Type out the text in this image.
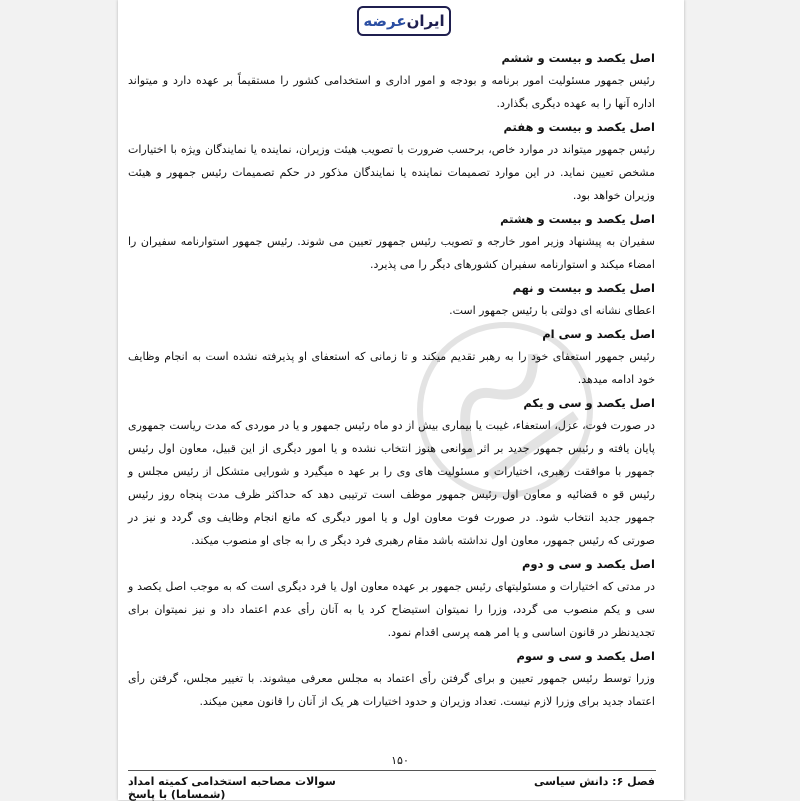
ایران
عرضه

اصل یکصد و بیست و ششم

رئیس جمهور مسئولیت امور برنامه و بودجه و امور اداری و استخدامی کشور را مستقیماً بر عهده دارد و میتواند اداره آنها را به عهده دیگری بگذارد.

اصل یکصد و بیست و هفتم

رئیس جمهور میتواند در موارد خاص، برحسب ضرورت با تصویب هیئت وزیران، نماینده یا نمایندگان ویژه با اختیارات مشخص تعیین نماید. در این موارد تصمیمات نماینده یا نمایندگان مذکور در حکم تصمیمات رئیس جمهور و هیئت وزیران خواهد بود.

اصل یکصد و بیست و هشتم

سفیران به پیشنهاد وزیر امور خارجه و تصویب رئیس جمهور تعیین می شوند. رئیس جمهور استوارنامه سفیران را امضاء میکند و استوارنامه سفیران کشورهای دیگر را می پذیرد.

اصل یکصد و بیست و نهم

اعطای نشانه ای دولتی با رئیس جمهور است.

اصل یکصد و سی ام

رئیس جمهور استعفای خود را به رهبر تقدیم میکند و تا زمانی که استعفای او پذیرفته نشده است به انجام وظایف خود ادامه میدهد.

اصل یکصد و سی و یکم

در صورت فوت، عزل، استعفاء، غیبت یا بیماری بیش از دو ماه رئیس جمهور و یا در موردی که مدت ریاست جمهوری پایان یافته و رئیس جمهور جدید بر اثر موانعی هنوز انتخاب نشده و یا امور دیگری از این قبیل، معاون اول رئیس جمهور با موافقت رهبری، اختیارات و مسئولیت های وی را بر عهد ه میگیرد و شورایی متشکل از رئیس مجلس و رئیس قو ه قضائیه و معاون اول رئیس جمهور موظف است ترتیبی دهد که حداکثر ظرف مدت پنجاه روز رئیس جمهور جدید انتخاب شود. در صورت فوت معاون اول و یا امور دیگری که مانع انجام وظایف وی گردد و نیز در صورتی که رئیس جمهور، معاون اول نداشته باشد مقام رهبری فرد دیگر ی را به جای او منصوب میکند.

اصل یکصد و سی و دوم

در مدتی که اختیارات و مسئولیتهای رئیس جمهور بر عهده معاون اول یا فرد دیگری است که به موجب اصل یکصد و سی و یکم منصوب می گردد، وزرا را نمیتوان استیضاح کرد یا به آنان رأی عدم اعتماد داد و نیز نمیتوان برای تجدیدنظر در قانون اساسی و یا امر همه پرسی اقدام نمود.

اصل یکصد و سی و سوم

وزرا توسط رئیس جمهور تعیین و برای گرفتن رأی اعتماد به مجلس معرفی میشوند. با تغییر مجلس، گرفتن رأی اعتماد جدید برای وزرا لازم نیست. تعداد وزیران و حدود اختیارات هر یک از آنان را قانون معین میکند.

۱۵۰
فصل ۶: دانش سیاسی
سوالات مصاحبه استخدامی کمیته امداد (شمساما) با پاسخ
